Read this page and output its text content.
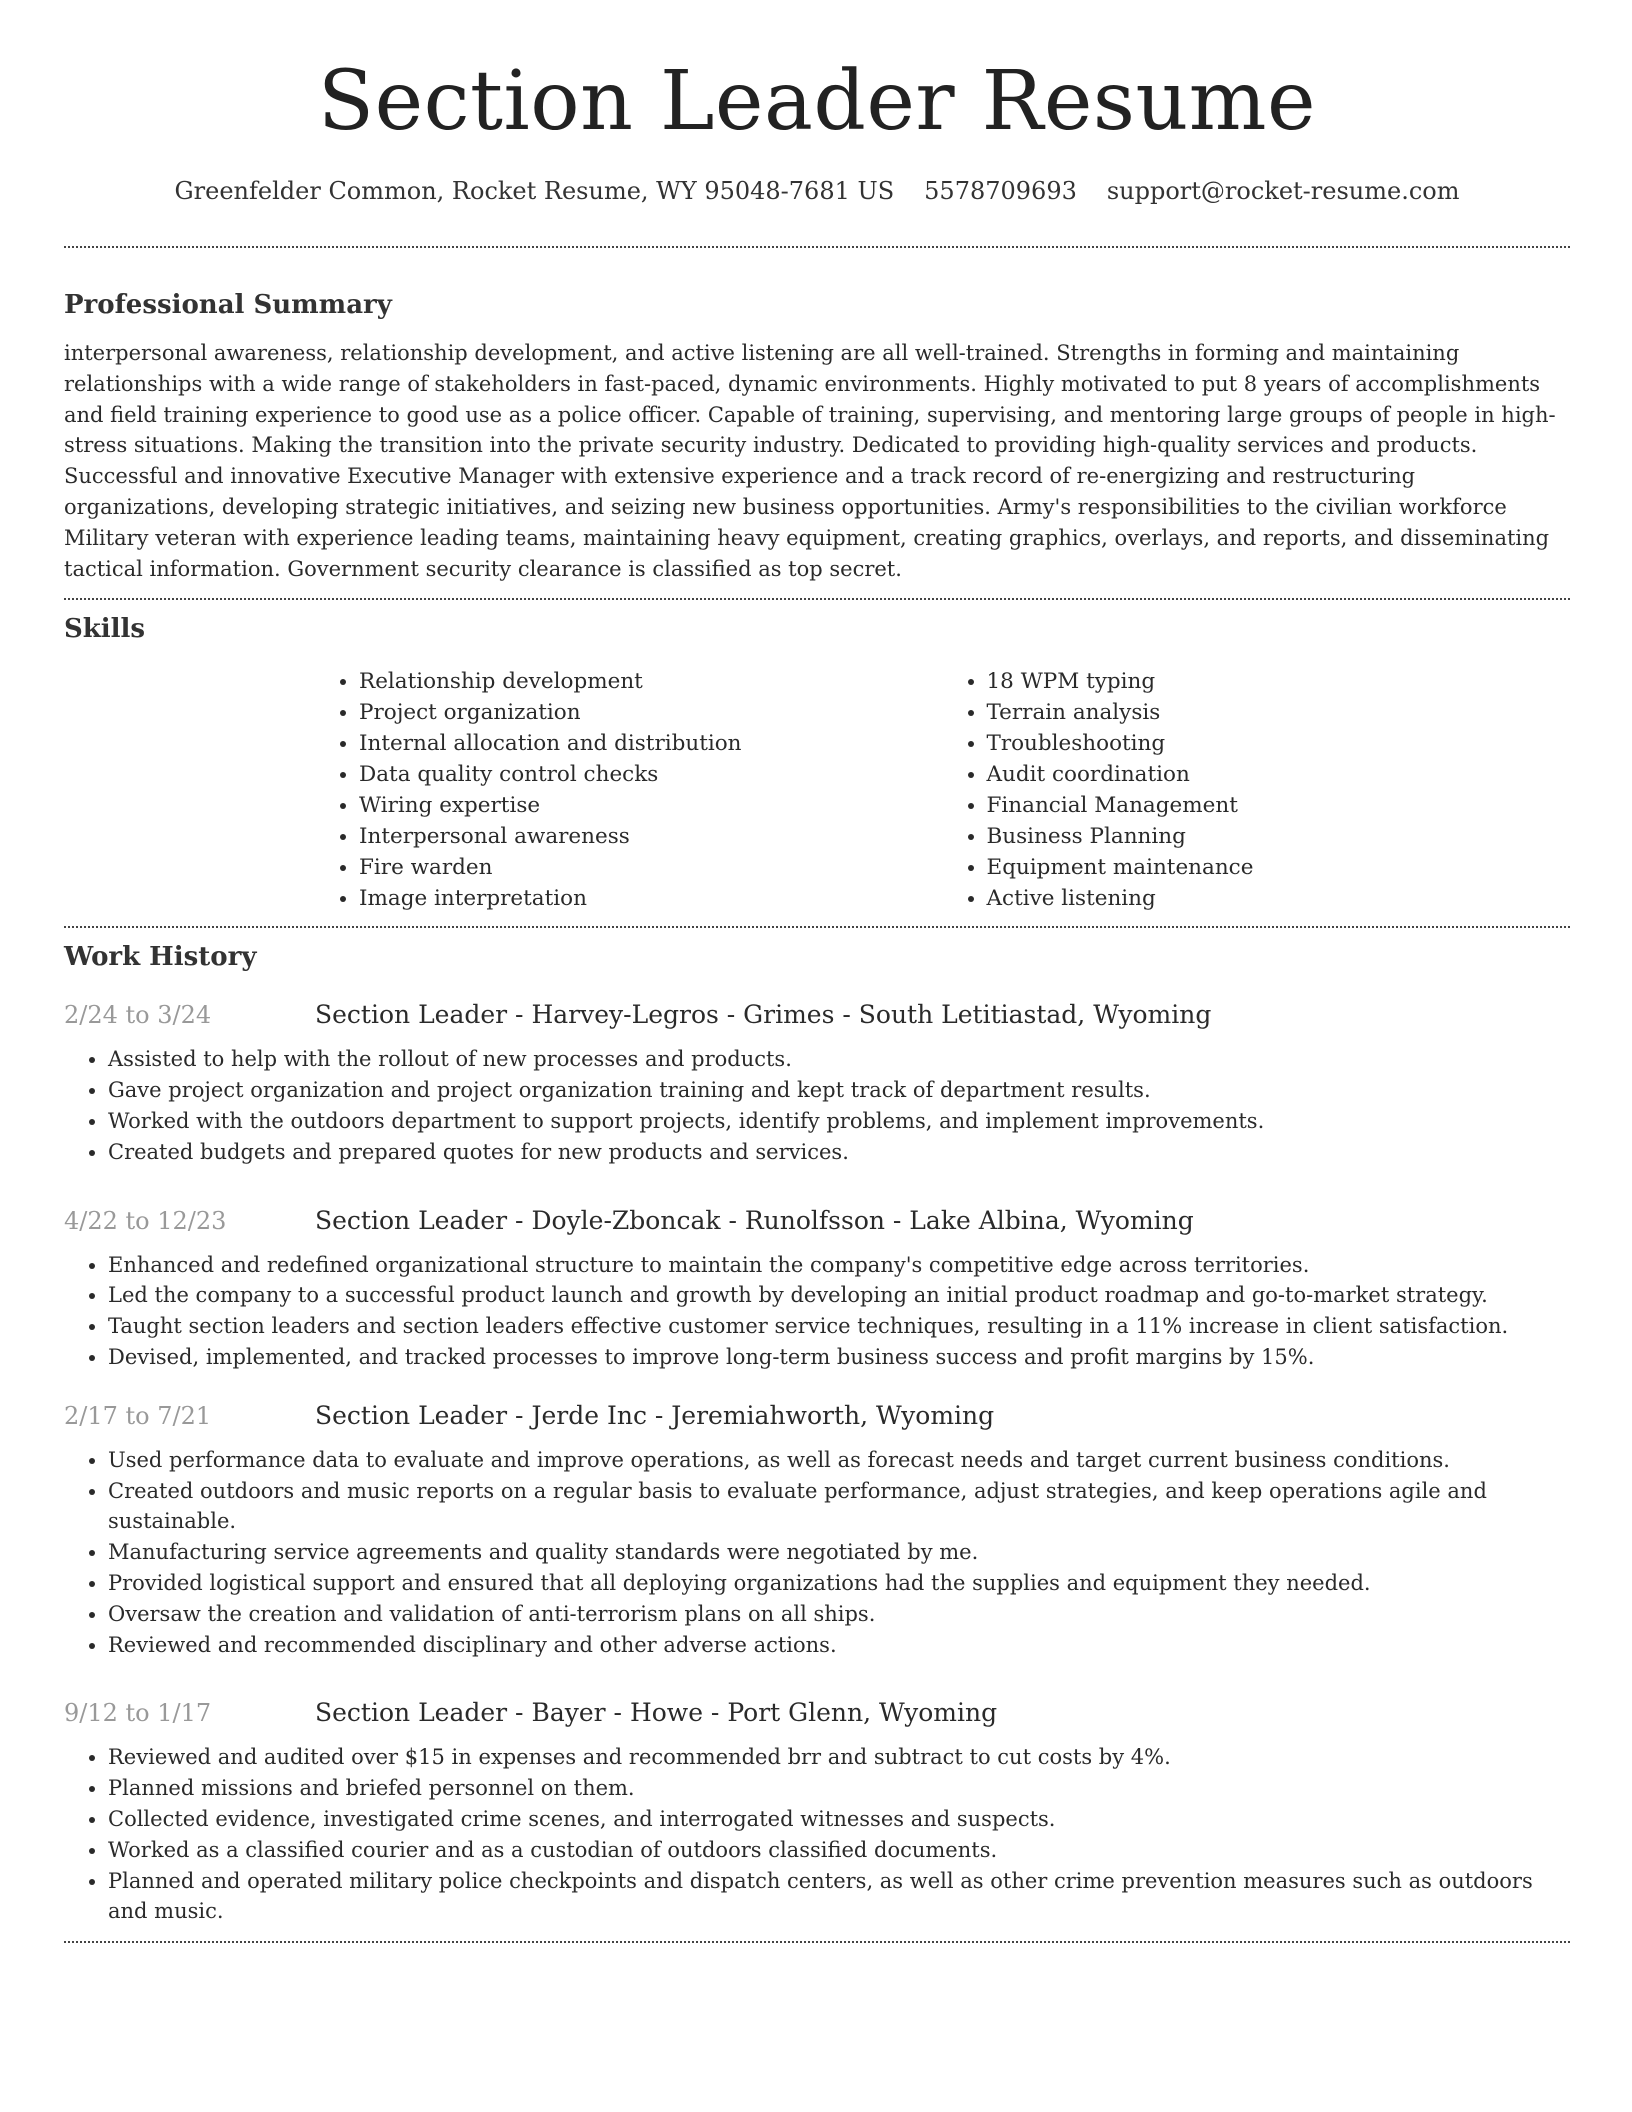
Section Leader Resume
Greenfelder Common, Rocket Resume, WY 95048-7681 US 5578709693 support@rocket-resume.com
Professional Summary

interpersonal awareness, relationship development, and active listening are all well-trained. Strengths in forming and maintaining relationships with a wide range of stakeholders in fast-paced, dynamic environments. Highly motivated to put 8 years of accomplishments and field training experience to good use as a police officer. Capable of training, supervising, and mentoring large groups of people in high-stress situations. Making the transition into the private security industry. Dedicated to providing high-quality services and products. Successful and innovative Executive Manager with extensive experience and a track record of re-energizing and restructuring organizations, developing strategic initiatives, and seizing new business opportunities. Army's responsibilities to the civilian workforce Military veteran with experience leading teams, maintaining heavy equipment, creating graphics, overlays, and reports, and disseminating tactical information. Government security clearance is classified as top secret.

Skills
• Relationship development
• Project organization
• Internal allocation and distribution
• Data quality control checks
• Wiring expertise
• Interpersonal awareness
• Fire warden
• Image interpretation
• 18 WPM typing
• Terrain analysis
• Troubleshooting
• Audit coordination
• Financial Management
• Business Planning
• Equipment maintenance
• Active listening
Work History
2/24 to 3/24	Section Leader - Harvey-Legros - Grimes - South Letitiastad, Wyoming
• Assisted to help with the rollout of new processes and products.
• Gave project organization and project organization training and kept track of department results.
• Worked with the outdoors department to support projects, identify problems, and implement improvements.
• Created budgets and prepared quotes for new products and services.
4/22 to 12/23	Section Leader - Doyle-Zboncak - Runolfsson - Lake Albina, Wyoming
• Enhanced and redefined organizational structure to maintain the company's competitive edge across territories.
• Led the company to a successful product launch and growth by developing an initial product roadmap and go-to-market strategy.
• Taught section leaders and section leaders effective customer service techniques, resulting in a 11% increase in client satisfaction.
• Devised, implemented, and tracked processes to improve long-term business success and profit margins by 15%.
2/17 to 7/21	Section Leader - Jerde Inc - Jeremiahworth, Wyoming
• Used performance data to evaluate and improve operations, as well as forecast needs and target current business conditions.
• Created outdoors and music reports on a regular basis to evaluate performance, adjust strategies, and keep operations agile and sustainable.
• Manufacturing service agreements and quality standards were negotiated by me.
• Provided logistical support and ensured that all deploying organizations had the supplies and equipment they needed.
• Oversaw the creation and validation of anti-terrorism plans on all ships.
• Reviewed and recommended disciplinary and other adverse actions.
9/12 to 1/17	Section Leader - Bayer - Howe - Port Glenn, Wyoming
• Reviewed and audited over $15 in expenses and recommended brr and subtract to cut costs by 4%.
• Planned missions and briefed personnel on them.
• Collected evidence, investigated crime scenes, and interrogated witnesses and suspects.
• Worked as a classified courier and as a custodian of outdoors classified documents.
• Planned and operated military police checkpoints and dispatch centers, as well as other crime prevention measures such as outdoors and music.
